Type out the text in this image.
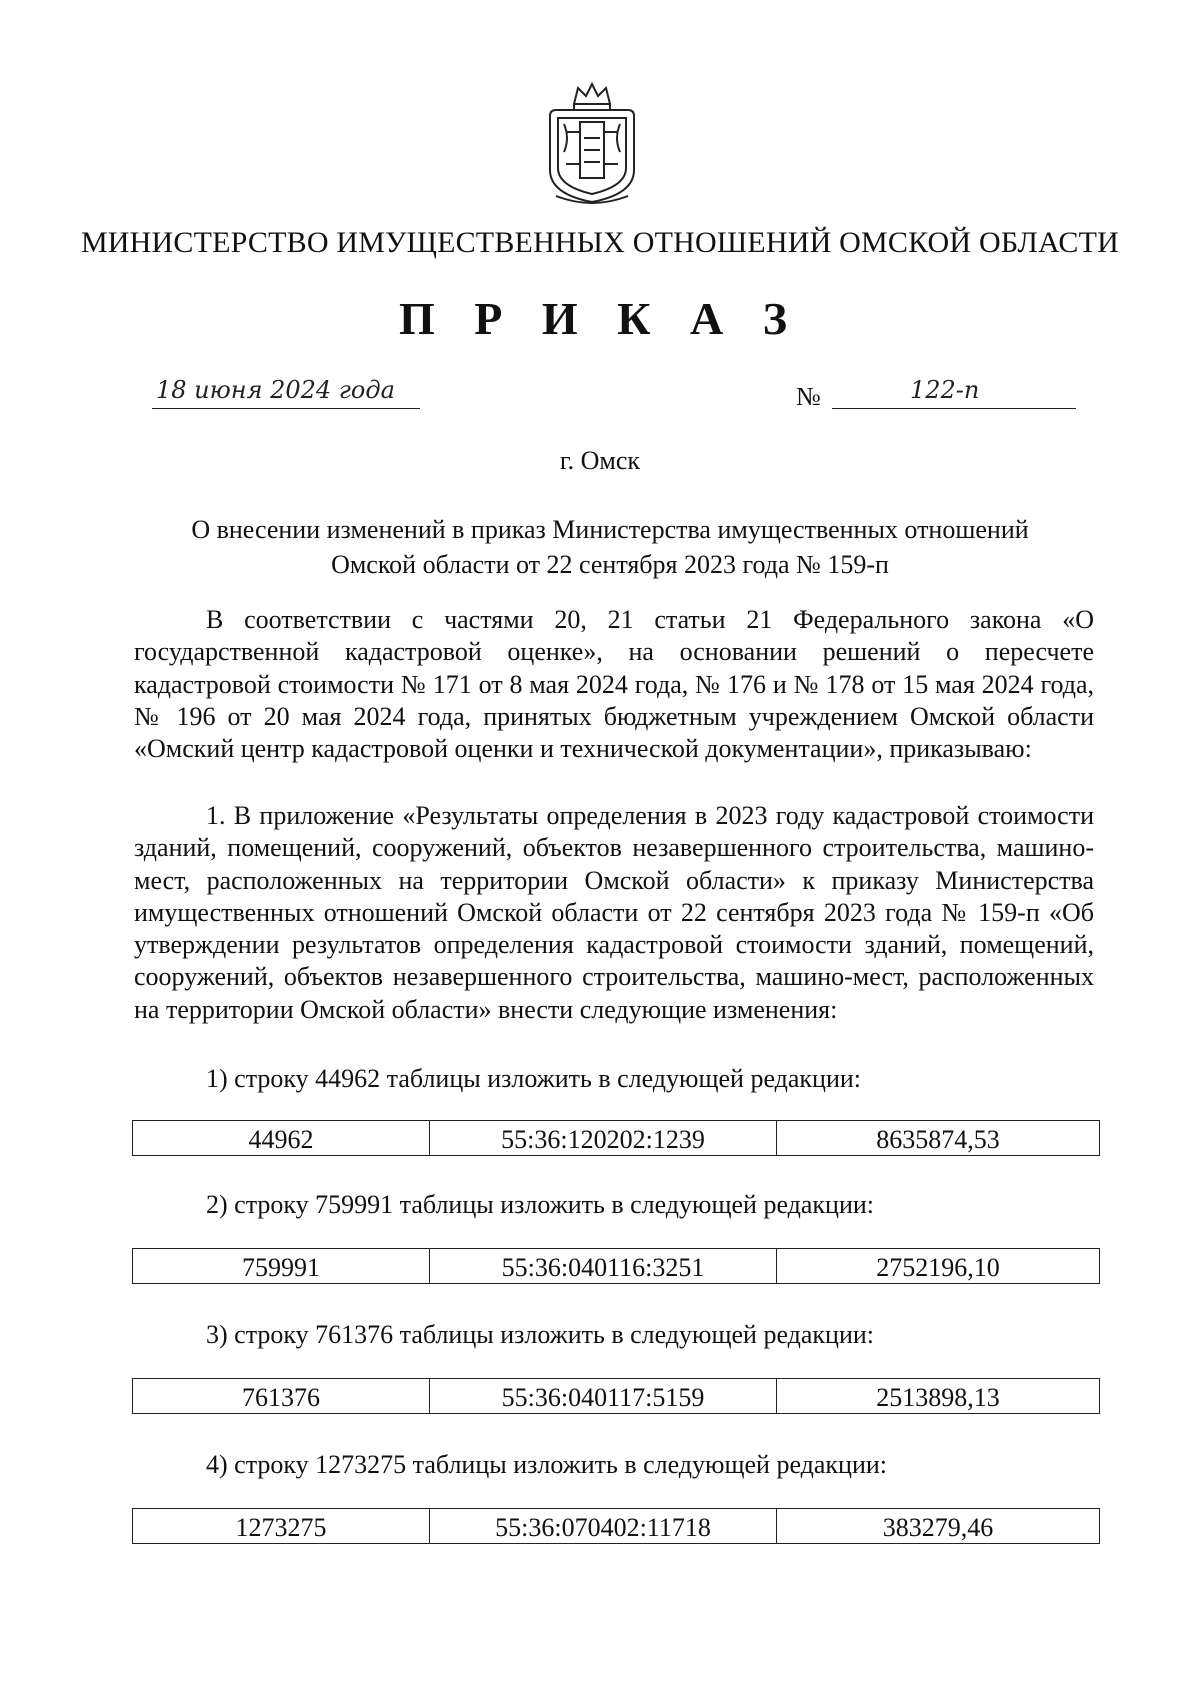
МИНИСТЕРСТВО ИМУЩЕСТВЕННЫХ ОТНОШЕНИЙ ОМСКОЙ ОБЛАСТИ
П Р И К А З
18 июня 2024 года	№	122-п
г. Омск
О внесении изменений в приказ Министерства имущественных отношений
Омской области от 22 сентября 2023 года № 159-п
В соответствии с частями 20, 21 статьи 21 Федерального закона «О государственной кадастровой оценке», на основании решений о пересчете кадастровой стоимости № 171 от 8 мая 2024 года, № 176 и № 178 от 15 мая 2024 года, № 196 от 20 мая 2024 года, принятых бюджетным учреждением Омской области «Омский центр кадастровой оценки и технической документации», приказываю:
1. В приложение «Результаты определения в 2023 году кадастровой стоимости зданий, помещений, сооружений, объектов незавершенного строительства, машино-мест, расположенных на территории Омской области» к приказу Министерства имущественных отношений Омской области от 22 сентября 2023 года № 159-п «Об утверждении результатов определения кадастровой стоимости зданий, помещений, сооружений, объектов незавершенного строительства, машино-мест, расположенных на территории Омской области» внести следующие изменения:
1) строку 44962 таблицы изложить в следующей редакции:
44962	55:36:120202:1239	8635874,53
2) строку 759991 таблицы изложить в следующей редакции:
759991	55:36:040116:3251	2752196,10
3) строку 761376 таблицы изложить в следующей редакции:
761376	55:36:040117:5159	2513898,13
4) строку 1273275 таблицы изложить в следующей редакции:
1273275	55:36:070402:11718	383279,46
